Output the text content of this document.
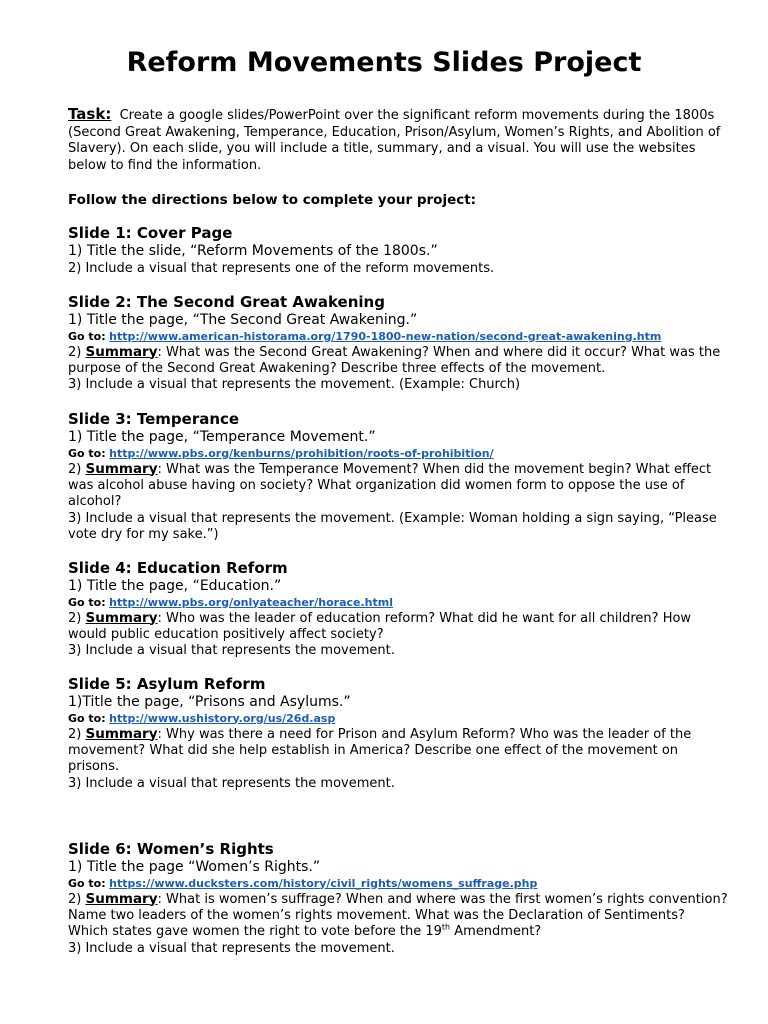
Reform Movements Slides Project
Task: Create a google slides/PowerPoint over the significant reform movements during the 1800s (Second Great Awakening, Temperance, Education, Prison/Asylum, Women’s Rights, and Abolition of Slavery). On each slide, you will include a title, summary, and a visual. You will use the websites below to find the information.
Follow the directions below to complete your project:
Slide 1: Cover Page
1) Title the slide, “Reform Movements of the 1800s.”
2) Include a visual that represents one of the reform movements.
Slide 2: The Second Great Awakening
1) Title the page, “The Second Great Awakening.”
Go to: http://www.american-historama.org/1790-1800-new-nation/second-great-awakening.htm
2) Summary: What was the Second Great Awakening? When and where did it occur? What was the purpose of the Second Great Awakening? Describe three effects of the movement.
3) Include a visual that represents the movement. (Example: Church)
Slide 3: Temperance
1) Title the page, “Temperance Movement.”
Go to: http://www.pbs.org/kenburns/prohibition/roots-of-prohibition/
2) Summary: What was the Temperance Movement? When did the movement begin? What effect was alcohol abuse having on society? What organization did women form to oppose the use of alcohol?
3) Include a visual that represents the movement. (Example: Woman holding a sign saying, “Please vote dry for my sake.”)
Slide 4: Education Reform
1) Title the page, “Education.”
Go to: http://www.pbs.org/onlyateacher/horace.html
2) Summary: Who was the leader of education reform? What did he want for all children? How would public education positively affect society?
3) Include a visual that represents the movement.
Slide 5: Asylum Reform
1)Title the page, “Prisons and Asylums.”
Go to: http://www.ushistory.org/us/26d.asp
2) Summary: Why was there a need for Prison and Asylum Reform? Who was the leader of the movement? What did she help establish in America? Describe one effect of the movement on prisons.
3) Include a visual that represents the movement.
Slide 6: Women’s Rights
1) Title the page “Women’s Rights.”
Go to: https://www.ducksters.com/history/civil_rights/womens_suffrage.php
2) Summary: What is women’s suffrage? When and where was the first women’s rights convention? Name two leaders of the women’s rights movement. What was the Declaration of Sentiments? Which states gave women the right to vote before the 19th Amendment?
3) Include a visual that represents the movement.
